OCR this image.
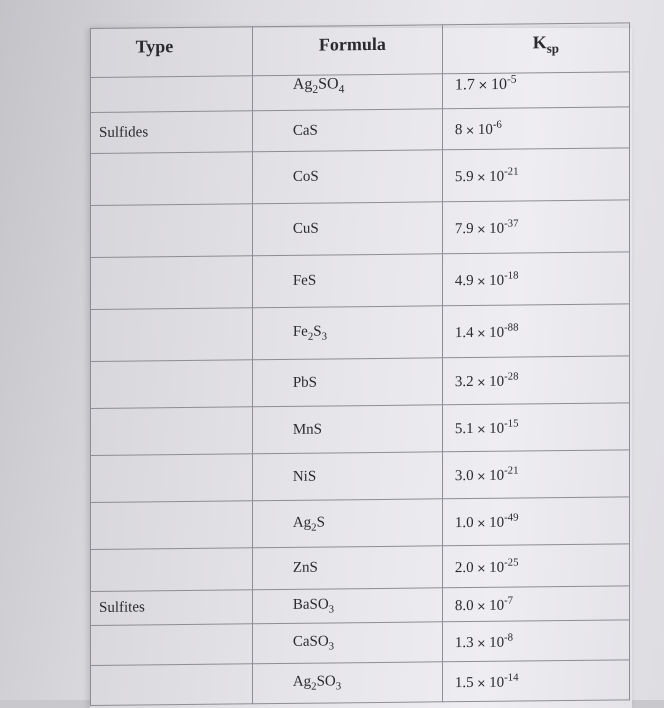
Type	Formula	$K_{sp}$
	$Ag_2SO_4$	$1.7 \times 10^{-5}$
Sulfides	CaS	$8 \times 10^{-6}$
	CoS	$5.9 \times 10^{-21}$
	CuS	$7.9 \times 10^{-37}$
	FeS	$4.9 \times 10^{-18}$
	$Fe_2S_3$	$1.4 \times 10^{-88}$
	PbS	$3.2 \times 10^{-28}$
	MnS	$5.1 \times 10^{-15}$
	NiS	$3.0 \times 10^{-21}$
	$Ag_2S$	$1.0 \times 10^{-49}$
	ZnS	$2.0 \times 10^{-25}$
Sulfites	BaSO$_3$	$8.0 \times 10^{-7}$
	CaSO$_3$	$1.3 \times 10^{-8}$
	$Ag_2SO_3$	$1.5 \times 10^{-14}$
